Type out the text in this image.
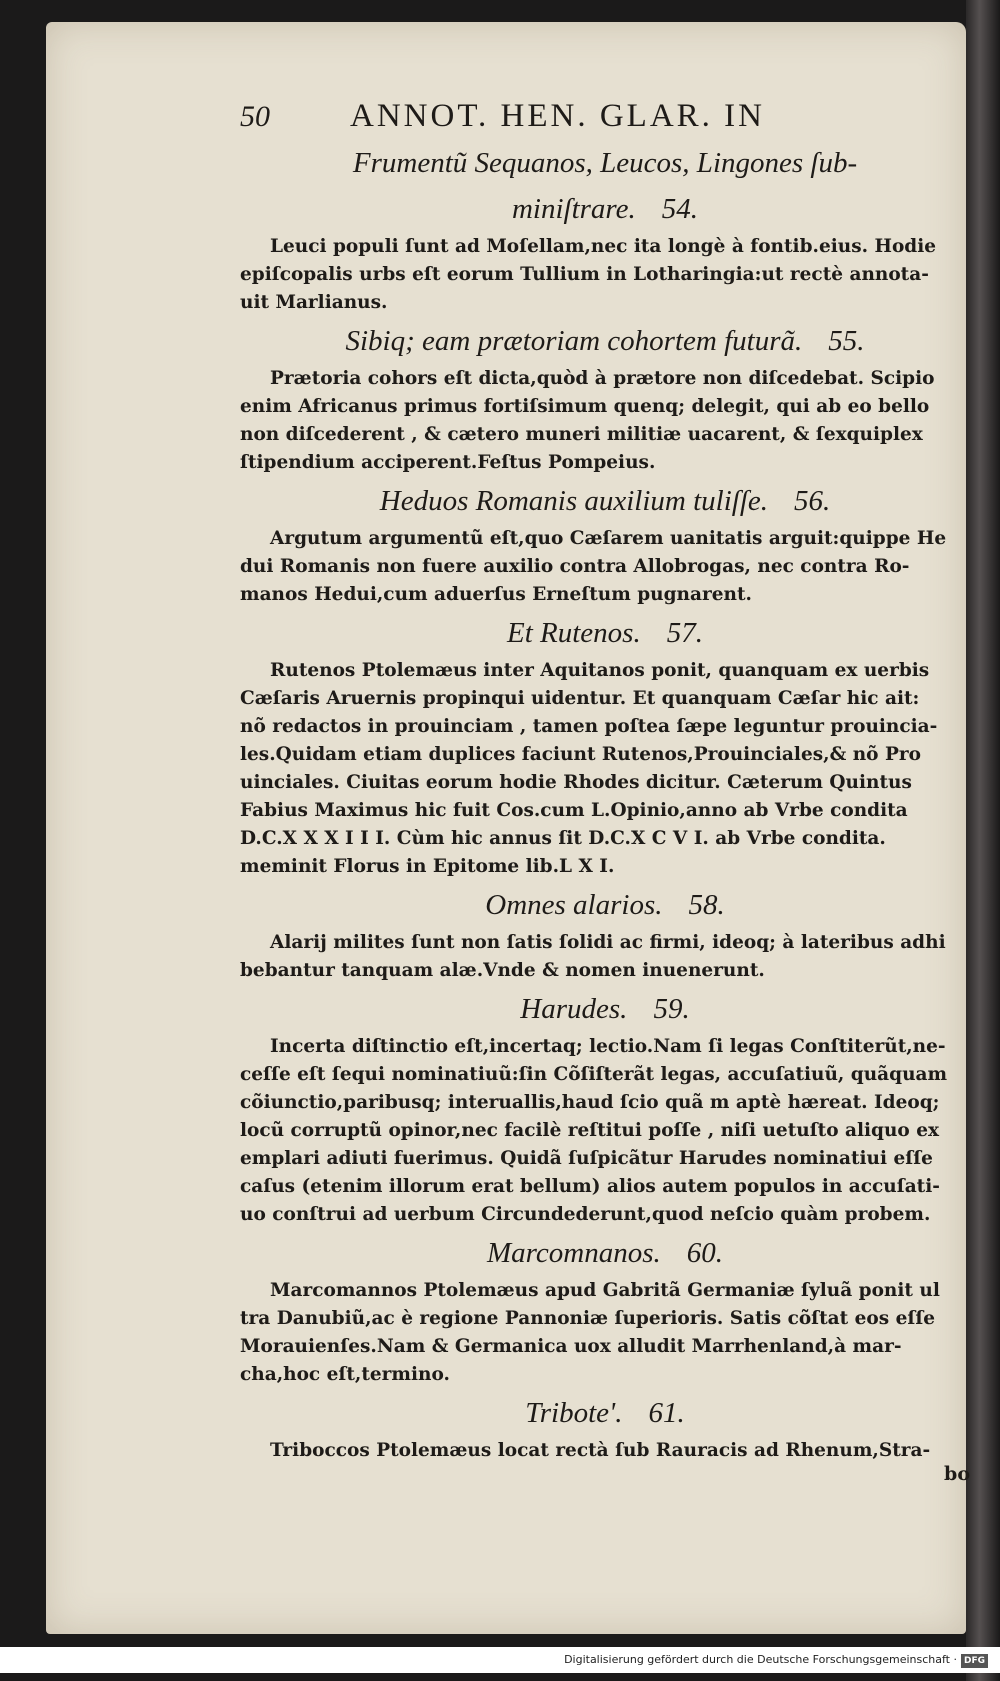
50 ANNOT. HEN. GLAR. IN
Frumentũ Sequanos, Leucos, Lingones ſub-
miniſtrare. 54.
Leuci populi ſunt ad Moſellam,nec ita longè à fontib.eius. Hodie
epiſcopalis urbs eſt eorum Tullium in Lotharingia:ut rectè annota-
uit Marlianus.
Sibiq; eam prætoriam cohortem futurã. 55.
Prætoria cohors eſt dicta,quòd à prætore non diſcedebat. Scipio
enim Africanus primus fortiſsimum quenq; delegit, qui ab eo bello
non diſcederent , & cætero muneri militiæ uacarent, & ſexquiplex
ſtipendium acciperent.Feſtus Pompeius.
Heduos Romanis auxilium tuliſſe. 56.
Argutum argumentũ eſt,quo Cæſarem uanitatis arguit:quippe He
dui Romanis non fuere auxilio contra Allobrogas, nec contra Ro-
manos Hedui,cum aduerſus Erneſtum pugnarent.
Et Rutenos. 57.
Rutenos Ptolemæus inter Aquitanos ponit, quanquam ex uerbis
Cæſaris Aruernis propinqui uidentur. Et quanquam Cæſar hic ait:
nõ redactos in prouinciam , tamen poſtea ſæpe leguntur prouincia-
les.Quidam etiam duplices faciunt Rutenos,Prouinciales,& nõ Pro
uinciales. Ciuitas eorum hodie Rhodes dicitur. Cæterum Quintus
Fabius Maximus hic fuit Cos.cum L.Opinio,anno ab Vrbe condita
D.C.X X X I I I. Cùm hic annus ſit D.C.X C V I. ab Vrbe condita.
meminit Florus in Epitome lib.L X I.
Omnes alarios. 58.
Alarij milites ſunt non ſatis ſolidi ac firmi, ideoq; à lateribus adhi
bebantur tanquam alæ.Vnde & nomen inuenerunt.
Harudes. 59.
Incerta diſtinctio eſt,incertaq; lectio.Nam ſi legas Conſtiterũt,ne-
ceſſe eſt ſequi nominatiuũ:ſin Cõſiſterãt legas, accuſatiuũ, quãquam
cõiunctio,paribusq; interuallis,haud ſcio quã m aptè hæreat. Ideoq;
locũ corruptũ opinor,nec facilè reſtitui poſſe , niſi uetuſto aliquo ex
emplari adiuti fuerimus. Quidã ſuſpicãtur Harudes nominatiui eſſe
caſus (etenim illorum erat bellum) alios autem populos in accuſati-
uo conſtrui ad uerbum Circundederunt,quod neſcio quàm probem.
Marcomnanos. 60.
Marcomannos Ptolemæus apud Gabritã Germaniæ ſyluã ponit ul
tra Danubiũ,ac è regione Pannoniæ ſuperioris. Satis cõſtat eos eſſe
Morauienſes.Nam & Germanica uox alludit Marrhenland,à mar-
cha,hoc eſt,termino.
Tribote'. 61.
Triboccos Ptolemæus locat rectà ſub Rauracis ad Rhenum,Stra-
bo
Digitalisierung gefördert durch die Deutsche Forschungsgemeinschaft · DFG
